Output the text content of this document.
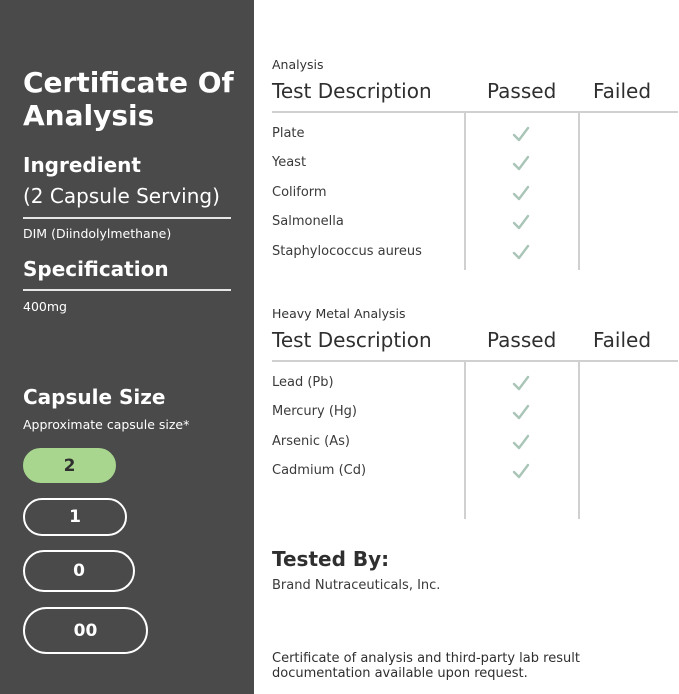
Certificate Of Analysis
Ingredient
(2 Capsule Serving)
DIM (Diindolylmethane)
Specification
400mg
Capsule Size
Approximate capsule size*
2
1
0
00
Analysis
Test Description	Passed Failed
Plate
Yeast
Coliform
Salmonella
Staphylococcus aureus
Heavy Metal Analysis
Test Description	Passed Failed
Lead (Pb)
Mercury (Hg)
Arsenic (As)
Cadmium (Cd)
Tested By:
Brand Nutraceuticals, Inc.
Certificate of analysis and third-party lab result documentation available upon request.
